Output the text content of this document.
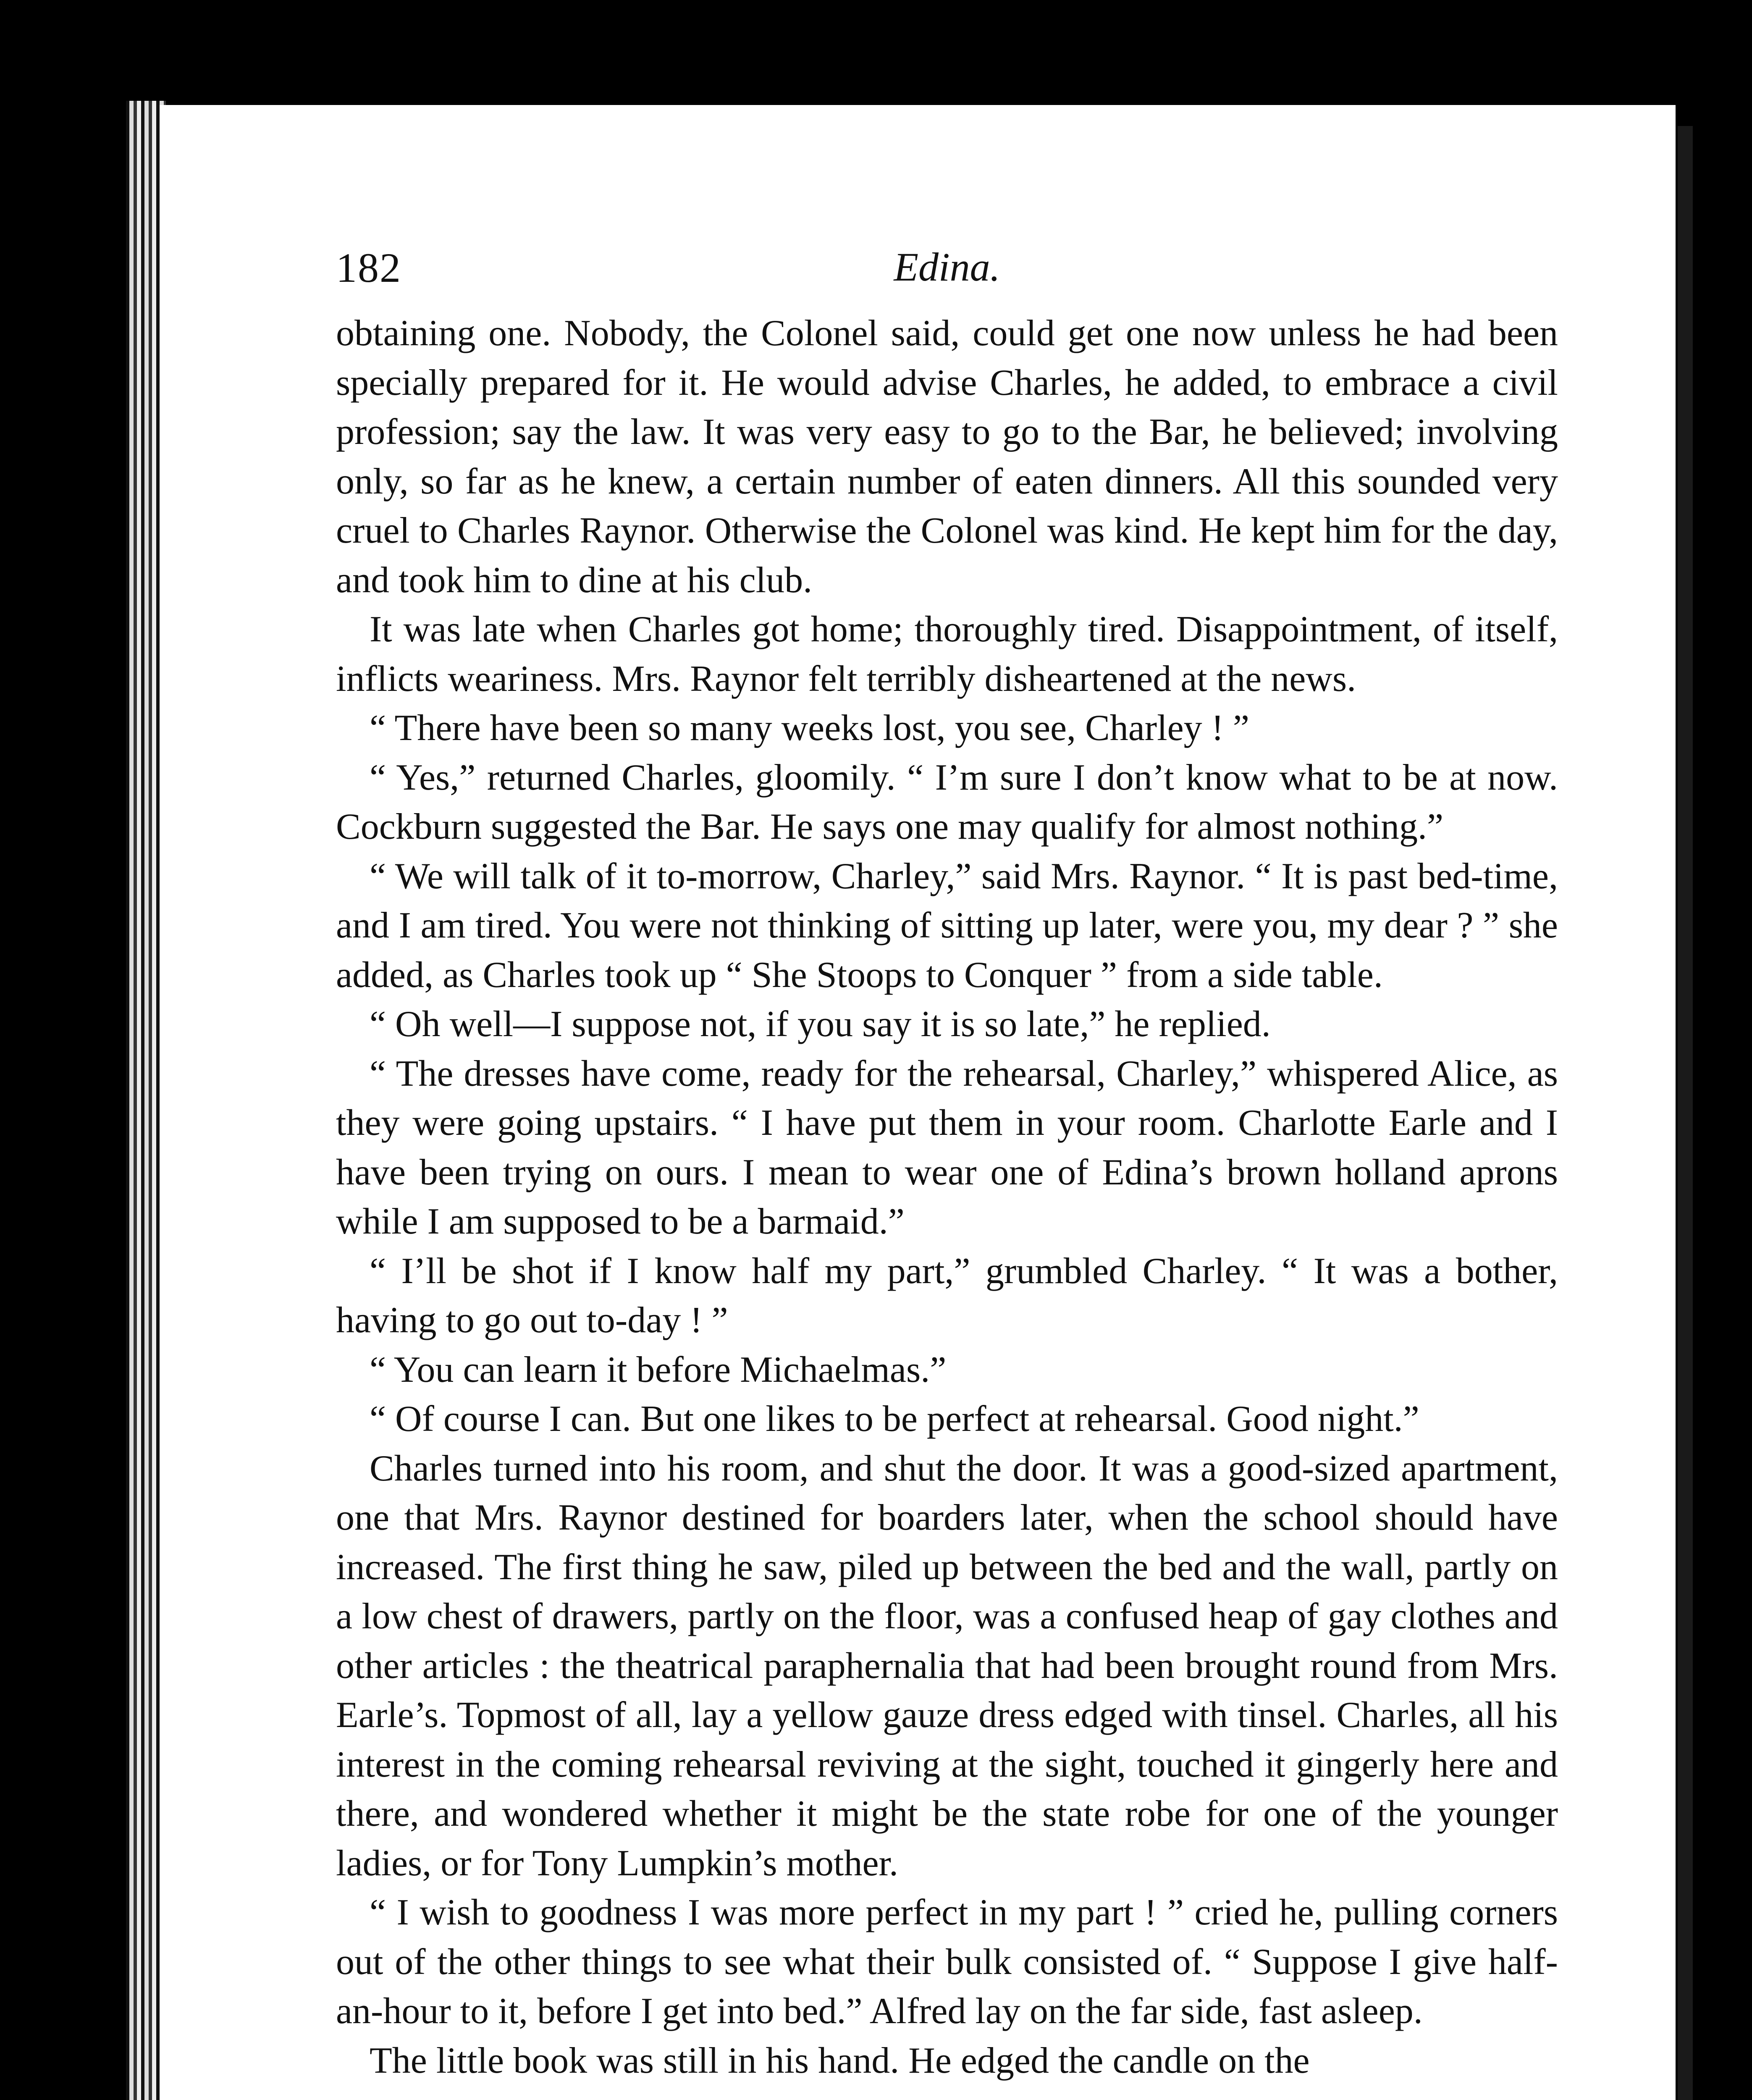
182	Edina.

obtaining one. Nobody, the Colonel said, could get one now unless he had been specially prepared for it. He would advise Charles, he added, to embrace a civil profession; say the law. It was very easy to go to the Bar, he believed; involving only, so far as he knew, a certain number of eaten dinners. All this sounded very cruel to Charles Raynor. Otherwise the Colonel was kind. He kept him for the day, and took him to dine at his club.

It was late when Charles got home; thoroughly tired. Disappointment, of itself, inflicts weariness. Mrs. Raynor felt terribly disheartened at the news.

“ There have been so many weeks lost, you see, Charley ! ”

“ Yes,” returned Charles, gloomily. “ I’m sure I don’t know what to be at now. Cockburn suggested the Bar. He says one may qualify for almost nothing.”

“ We will talk of it to-morrow, Charley,” said Mrs. Raynor. “ It is past bed-time, and I am tired. You were not thinking of sitting up later, were you, my dear ? ” she added, as Charles took up “ She Stoops to Conquer ” from a side table.

“ Oh well—I suppose not, if you say it is so late,” he replied.

“ The dresses have come, ready for the rehearsal, Charley,” whispered Alice, as they were going upstairs. “ I have put them in your room. Charlotte Earle and I have been trying on ours. I mean to wear one of Edina’s brown holland aprons while I am supposed to be a barmaid.”

“ I’ll be shot if I know half my part,” grumbled Charley. “ It was a bother, having to go out to-day ! ”

“ You can learn it before Michaelmas.”

“ Of course I can. But one likes to be perfect at rehearsal. Good night.”

Charles turned into his room, and shut the door. It was a good-sized apartment, one that Mrs. Raynor destined for boarders later, when the school should have increased. The first thing he saw, piled up between the bed and the wall, partly on a low chest of drawers, partly on the floor, was a confused heap of gay clothes and other articles : the theatrical paraphernalia that had been brought round from Mrs. Earle’s. Topmost of all, lay a yellow gauze dress edged with tinsel. Charles, all his interest in the coming rehearsal reviving at the sight, touched it gingerly here and there, and wondered whether it might be the state robe for one of the younger ladies, or for Tony Lumpkin’s mother.

“ I wish to goodness I was more perfect in my part ! ” cried he, pulling corners out of the other things to see what their bulk consisted of. “ Suppose I give half-an-hour to it, before I get into bed.” Alfred lay on the far side, fast asleep.

The little book was still in his hand. He edged the candle on the
